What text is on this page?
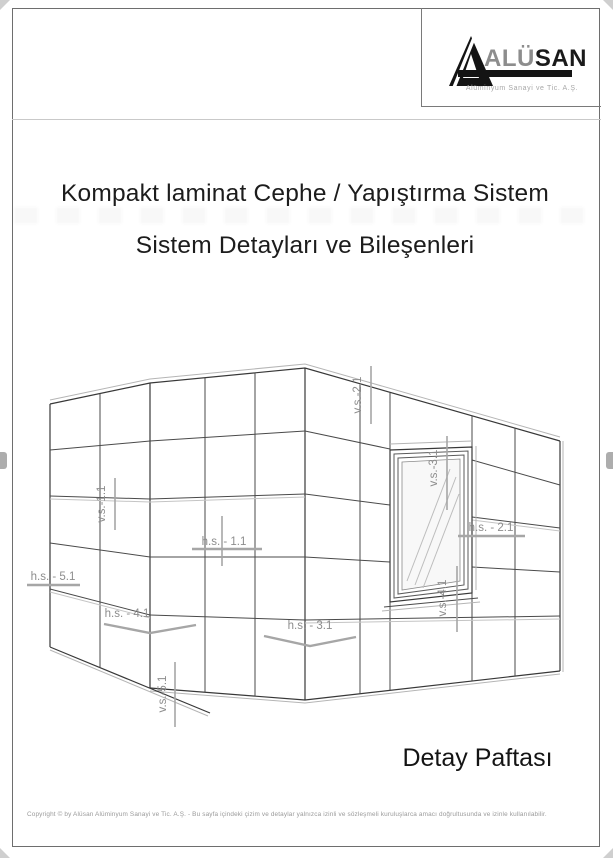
ALÜSAN
Alüminyum Sanayi ve Tic. A.Ş.
Kompakt laminat Cephe / Yapıştırma Sistem
Sistem Detayları ve Bileşenleri
v.s.-1.1
v.s.-2.1
v.s.-3.1
v.s.-4.1
v.s.-5.1
h.s. - 1.1
h.s. - 2.1
h.s. - 3.1
h.s. - 4.1
h.s. - 5.1
Detay Paftası
Copyright © by Alüsan Alüminyum Sanayi ve Tic. A.Ş. - Bu sayfa içindeki çizim ve detaylar yalnızca izinli ve sözleşmeli kuruluşlarca amacı doğrultusunda ve izinle kullanılabilir.
